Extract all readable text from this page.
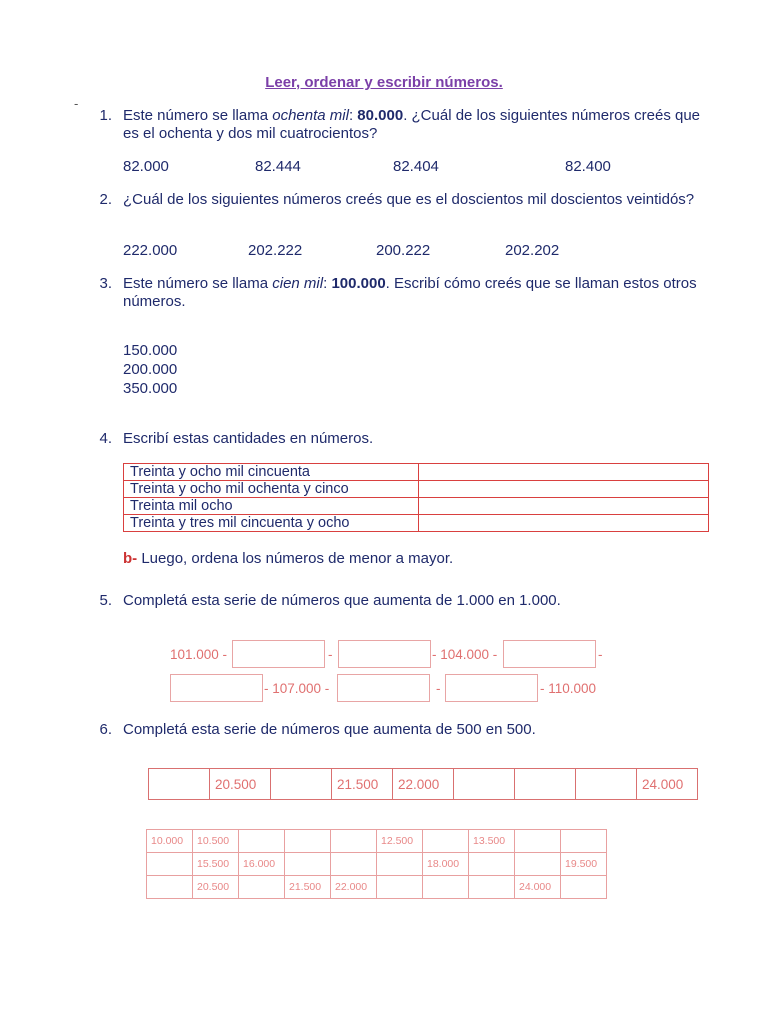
Leer, ordenar y escribir números.
-
1. Este número se llama ochenta mil: 80.000. ¿Cuál de los siguientes números creés que es el ochenta y dos mil cuatrocientos?
82.000	82.444	82.404	82.400
2. ¿Cuál de los siguientes números creés que es el doscientos mil doscientos veintidós?
222.000	202.222	200.222	202.202
3. Este número se llama cien mil: 100.000. Escribí cómo creés que se llaman estos otros números.
150.000
200.000
350.000
4. Escribí estas cantidades en números.
Treinta y ocho mil cincuenta	
Treinta y ocho mil ochenta y cinco	
Treinta mil ocho	
Treinta y tres mil cincuenta y ocho	
b- Luego, ordena los números de menor a mayor.
5. Completá esta serie de números que aumenta de 1.000 en 1.000.
101.000 -	-	- 104.000 -	-
- 107.000 -	-	- 110.000
6. Completá esta serie de números que aumenta de 500 en 500.
	20.500		21.500	22.000				24.000
10.000	10.500				12.500		13.500		
	15.500	16.000				18.000			19.500
	20.500		21.500	22.000				24.000	
